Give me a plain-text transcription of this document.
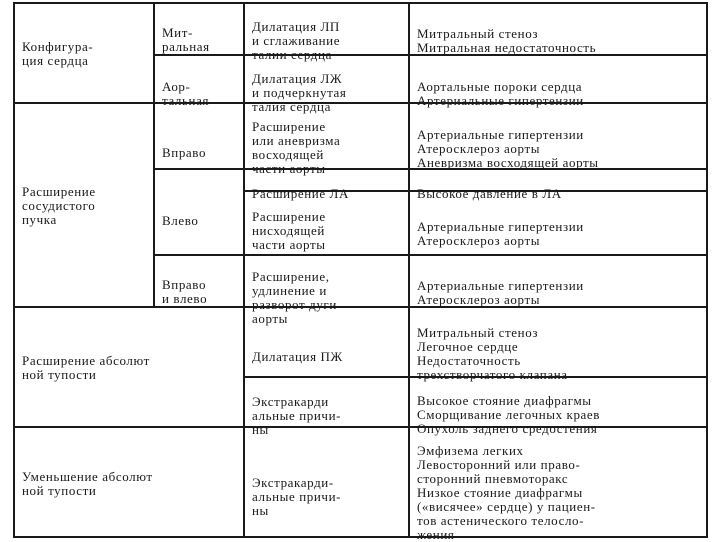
Конфигура-
ция сердца
Расширение
сосудистого
пучка
Расширение абсолют
ной тупости
Уменьшение абсолют
ной тупости

Мит-
ральная

Аор-
тальная

Вправо

Влево

Вправо
и влево

Дилатация ЛП
и сглаживание
талии сердца

Дилатация ЛЖ
и подчеркнутая
талия сердца

Расширение
или аневризма
восходящей
части аорты

Расширение ЛА

Расширение
нисходящей
части аорты

Расширение,
удлинение и
разворот дуги
аорты

Дилатация ПЖ

Экстракарди
альные причи-
ны

Экстракарди-
альные причи-
ны

Митральный стеноз
Митральная недостаточность

Аортальные пороки сердца
Артериальные гипертензии

Артериальные гипертензии
Атеросклероз аорты
Аневризма восходящей аорты

Высокое давление в ЛА

Артериальные гипертензии
Атеросклероз аорты

Артериальные гипертензии
Атеросклероз аорты

Митральный стеноз
Легочное сердце
Недостаточность
трехстворчатого клапана

Высокое стояние диафрагмы
Сморщивание легочных краев
Опухоль заднего средостения

Эмфизема легких
Левосторонний или право-
сторонний пневмоторакс
Низкое стояние диафрагмы
(«висячее» сердце) у пациен-
тов астенического телосло-
жения
